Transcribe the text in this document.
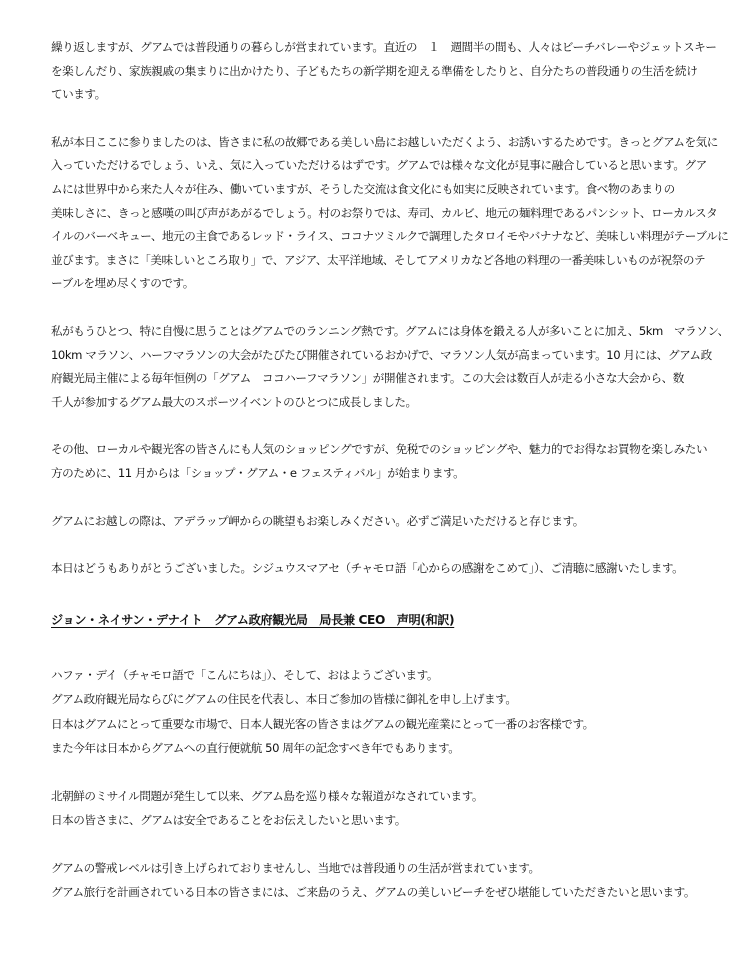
繰り返しますが、グアムでは普段通りの暮らしが営まれています。直近の　１　週間半の間も、人々はビーチバレーやジェットスキー
を楽しんだり、家族親戚の集まりに出かけたり、子どもたちの新学期を迎える準備をしたりと、自分たちの普段通りの生活を続け
ています。

私が本日ここに参りましたのは、皆さまに私の故郷である美しい島にお越しいただくよう、お誘いするためです。きっとグアムを気に
入っていただけるでしょう、いえ、気に入っていただけるはずです。グアムでは様々な文化が見事に融合していると思います。グア
ムには世界中から来た人々が住み、働いていますが、そうした交流は食文化にも如実に反映されています。食べ物のあまりの
美味しさに、きっと感嘆の叫び声があがるでしょう。村のお祭りでは、寿司、カルビ、地元の麺料理であるパンシット、ローカルスタ
イルのバーベキュー、地元の主食であるレッド・ライス、ココナツミルクで調理したタロイモやバナナなど、美味しい料理がテーブルに
並びます。まさに「美味しいところ取り」で、アジア、太平洋地域、そしてアメリカなど各地の料理の一番美味しいものが祝祭のテ
ーブルを埋め尽くすのです。

私がもうひとつ、特に自慢に思うことはグアムでのランニング熱です。グアムには身体を鍛える人が多いことに加え、5km　マラソン、
10km マラソン、ハーフマラソンの大会がたびたび開催されているおかげで、マラソン人気が高まっています。10 月には、グアム政
府観光局主催による毎年恒例の「グアム　ココハーフマラソン」が開催されます。この大会は数百人が走る小さな大会から、数
千人が参加するグアム最大のスポーツイベントのひとつに成長しました。

その他、ローカルや観光客の皆さんにも人気のショッピングですが、免税でのショッピングや、魅力的でお得なお買物を楽しみたい
方のために、11 月からは「ショップ・グアム・e フェスティバル」が始まります。

グアムにお越しの際は、アデラップ岬からの眺望もお楽しみください。必ずご満足いただけると存じます。

本日はどうもありがとうございました。シジュウスマアセ（チャモロ語「心からの感謝をこめて」）、ご清聴に感謝いたします。

ジョン・ネイサン・デナイト　グアム政府観光局　局長兼 CEO　声明(和訳)

ハファ・デイ（チャモロ語で「こんにちは」）、そして、おはようございます。
グアム政府観光局ならびにグアムの住民を代表し、本日ご参加の皆様に御礼を申し上げます。
日本はグアムにとって重要な市場で、日本人観光客の皆さまはグアムの観光産業にとって一番のお客様です。
また今年は日本からグアムへの直行便就航 50 周年の記念すべき年でもあります。
北朝鮮のミサイル問題が発生して以来、グアム島を巡り様々な報道がなされています。
日本の皆さまに、グアムは安全であることをお伝えしたいと思います。
グアムの警戒レベルは引き上げられておりませんし、当地では普段通りの生活が営まれています。
グアム旅行を計画されている日本の皆さまには、ご来島のうえ、グアムの美しいビーチをぜひ堪能していただきたいと思います。
